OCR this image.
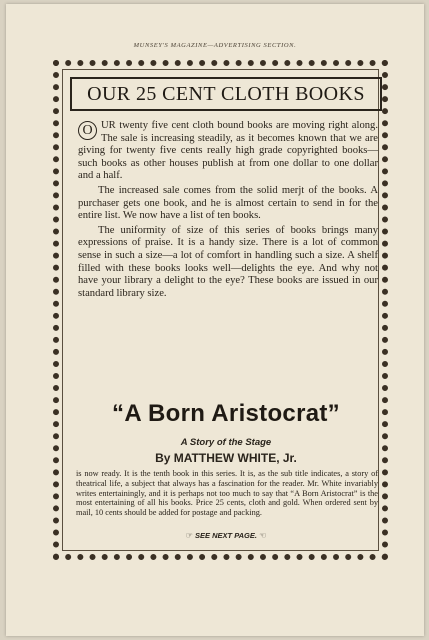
MUNSEY'S MAGAZINE—ADVERTISING SECTION.
OUR 25 CENT CLOTH BOOKS

O UR twenty five cent cloth bound books are moving right along. The sale is increasing steadily, as it becomes known that we are giving for twenty five cents really high grade copyrighted books—such books as other houses publish at from one dollar to one dollar and a half.

The increased sale comes from the solid merjt of the books. A purchaser gets one book, and he is almost certain to send in for the entire list. We now have a list of ten books.

The uniformity of size of this series of books brings many expressions of praise. It is a handy size. There is a lot of common sense in such a size—a lot of comfort in handling such a size. A shelf filled with these books looks well—delights the eye. And why not have your library a delight to the eye? These books are issued in our standard library size.

“A Born Aristocrat”
A Story of the Stage
By MATTHEW WHITE, Jr.

is now ready. It is the tenth book in this series. It is, as the sub title indicates, a story of theatrical life, a subject that always has a fascination for the reader. Mr. White invariably writes entertainingly, and it is perhaps not too much to say that “A Born Aristocrat” is the most entertaining of all his books. Price 25 cents, cloth and gold. When ordered sent by mail, 10 cents should be added for postage and packing.

☞ SEE NEXT PAGE. ☜
